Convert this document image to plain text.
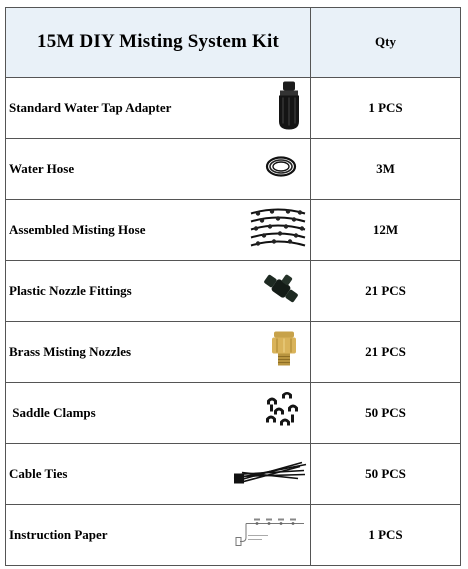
15M DIY Misting System Kit	Qty

Standard Water Tap Adapter	1 PCS

Water Hose	3M

Assembled Misting Hose	12M

Plastic Nozzle Fittings	21 PCS

Brass Misting Nozzles	21 PCS

Saddle Clamps	50 PCS

Cable Ties	50 PCS

Instruction Paper	1 PCS
